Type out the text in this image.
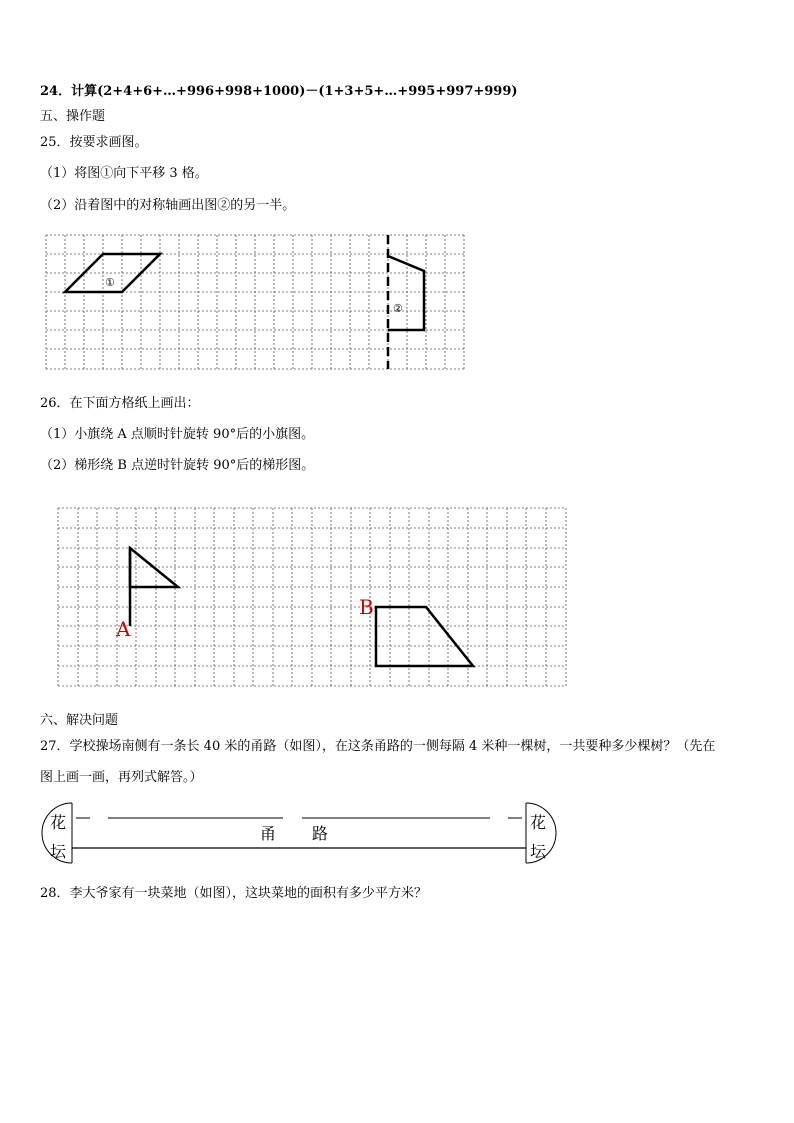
24．计算(2+4+6+…+996+998+1000)－(1+3+5+…+995+997+999)
五、操作题
25．按要求画图。
（1）将图①向下平移 3 格。
（2）沿着图中的对称轴画出图②的另一半。
26．在下面方格纸上画出：
（1）小旗绕 A 点顺时针旋转 90°后的小旗图。
（2）梯形绕 B 点逆时针旋转 90°后的梯形图。
六、解决问题
27．学校操场南侧有一条长 40 米的甬路（如图），在这条甬路的一侧每隔 4 米种一棵树，一共要种多少棵树？（先在
图上画一画，再列式解答。）
28．李大爷家有一块菜地（如图），这块菜地的面积有多少平方米？
①
②
A
B
花
坛
花
坛
甬 路
